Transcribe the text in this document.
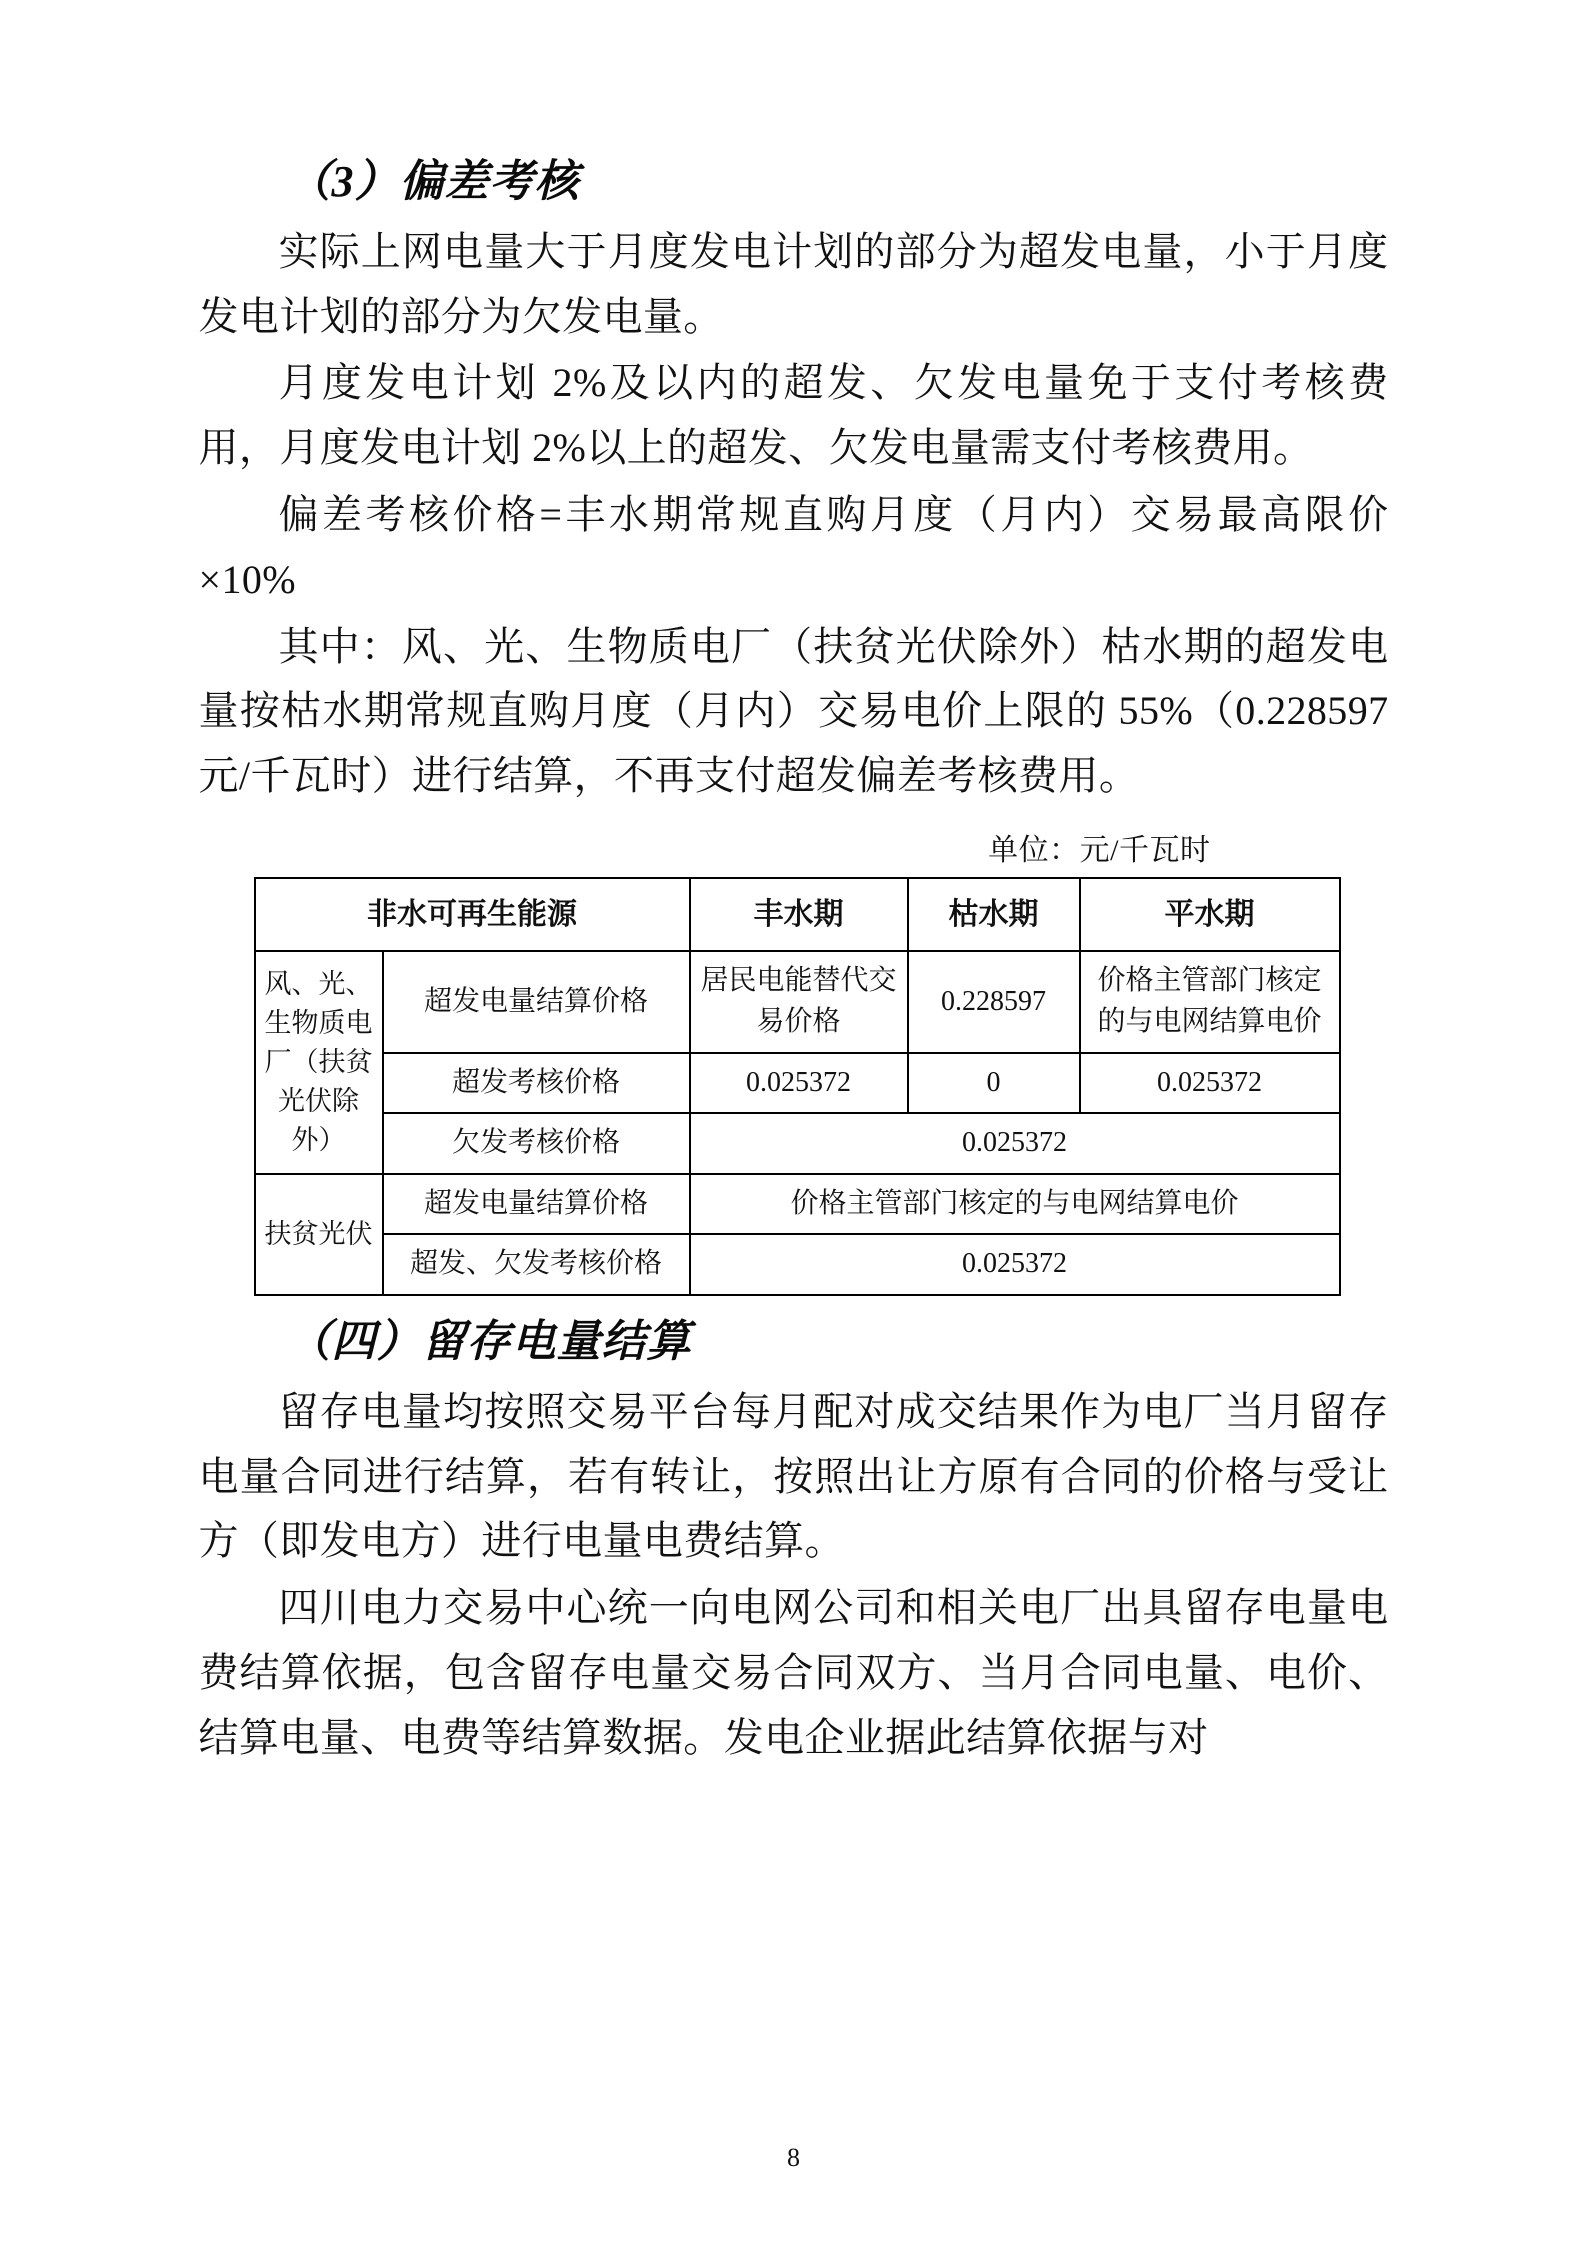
（3）偏差考核

实际上网电量大于月度发电计划的部分为超发电量，小于月度发电计划的部分为欠发电量。

月度发电计划 2%及以内的超发、欠发电量免于支付考核费用，月度发电计划 2%以上的超发、欠发电量需支付考核费用。

偏差考核价格=丰水期常规直购月度（月内）交易最高限价×10%

其中：风、光、生物质电厂（扶贫光伏除外）枯水期的超发电量按枯水期常规直购月度（月内）交易电价上限的 55%（0.228597 元/千瓦时）进行结算，不再支付超发偏差考核费用。

单位：元/千瓦时
非水可再生能源		丰水期	枯水期	平水期
风、光、生物质电厂（扶贫光伏除外）	超发电量结算价格	居民电能替代交易价格	0.228597	价格主管部门核定的与电网结算电价
	超发考核价格	0.025372	0	0.025372
	欠发考核价格	0.025372		
扶贫光伏	超发电量结算价格	价格主管部门核定的与电网结算电价		
	超发、欠发考核价格	0.025372		
（四）留存电量结算

留存电量均按照交易平台每月配对成交结果作为电厂当月留存电量合同进行结算，若有转让，按照出让方原有合同的价格与受让方（即发电方）进行电量电费结算。

四川电力交易中心统一向电网公司和相关电厂出具留存电量电费结算依据，包含留存电量交易合同双方、当月合同电量、电价、结算电量、电费等结算数据。发电企业据此结算依据与对

8
